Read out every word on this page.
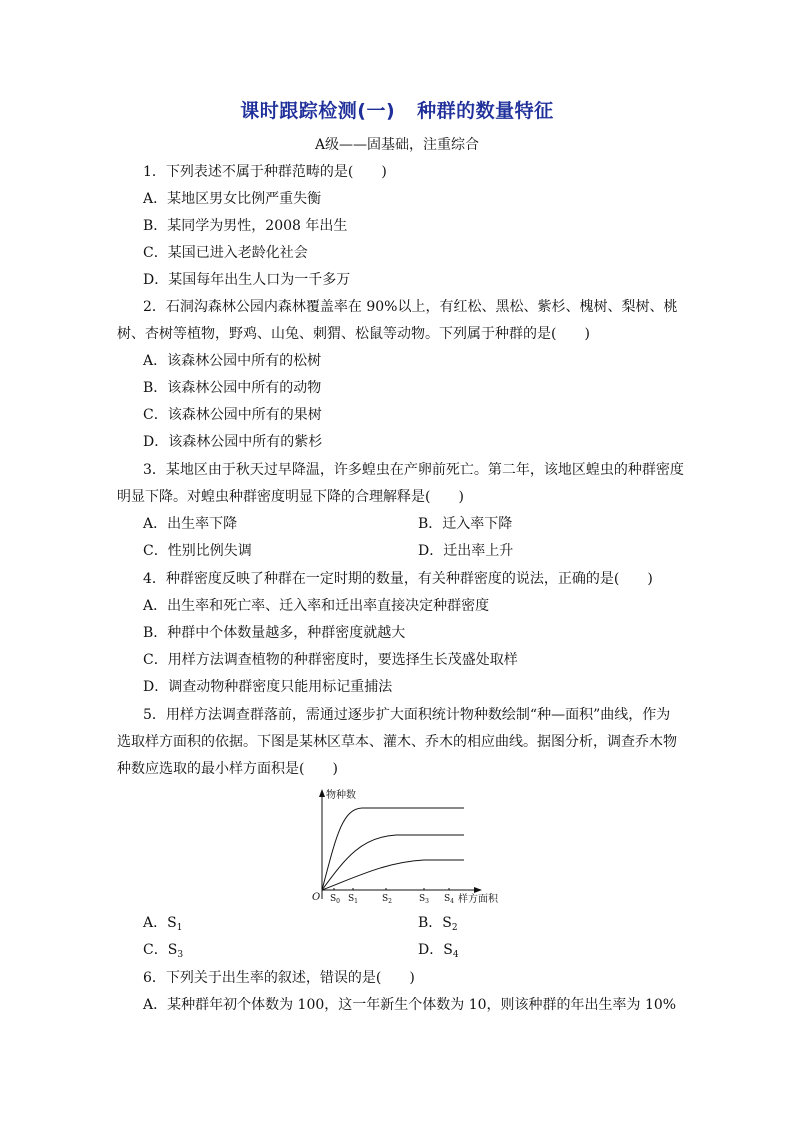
课时跟踪检测(一) 种群的数量特征
A级——固基础，注重综合
1．下列表述不属于种群范畴的是(　　)
A．某地区男女比例严重失衡
B．某同学为男性，2008 年出生
C．某国已进入老龄化社会
D．某国每年出生人口为一千多万
2．石洞沟森林公园内森林覆盖率在 90%以上，有红松、黑松、紫杉、槐树、梨树、桃
树、杏树等植物，野鸡、山兔、刺猬、松鼠等动物。下列属于种群的是(　　)
A．该森林公园中所有的松树
B．该森林公园中所有的动物
C．该森林公园中所有的果树
D．该森林公园中所有的紫杉
3．某地区由于秋天过早降温，许多蝗虫在产卵前死亡。第二年，该地区蝗虫的种群密度
明显下降。对蝗虫种群密度明显下降的合理解释是(　　)
A．出生率下降	B．迁入率下降
C．性别比例失调	D．迁出率上升
4．种群密度反映了种群在一定时期的数量，有关种群密度的说法，正确的是(　　)
A．出生率和死亡率、迁入率和迁出率直接决定种群密度
B．种群中个体数量越多，种群密度就越大
C．用样方法调查植物的种群密度时，要选择生长茂盛处取样
D．调查动物种群密度只能用标记重捕法
5．用样方法调查群落前，需通过逐步扩大面积统计物种数绘制“种—面积”曲线，作为
选取样方面积的依据。下图是某林区草本、灌木、乔木的相应曲线。据图分析，调查乔木物
种数应选取的最小样方面积是(　　)
物种数
O $S_0$ $S_1$	$S_2$	$S_3$ $S_4$ 样方面积
A．$S_1$	B．$S_2$
C．$S_3$	D．$S_4$
6．下列关于出生率的叙述，错误的是(　　)
A．某种群年初个体数为 100，这一年新生个体数为 10，则该种群的年出生率为 10%
